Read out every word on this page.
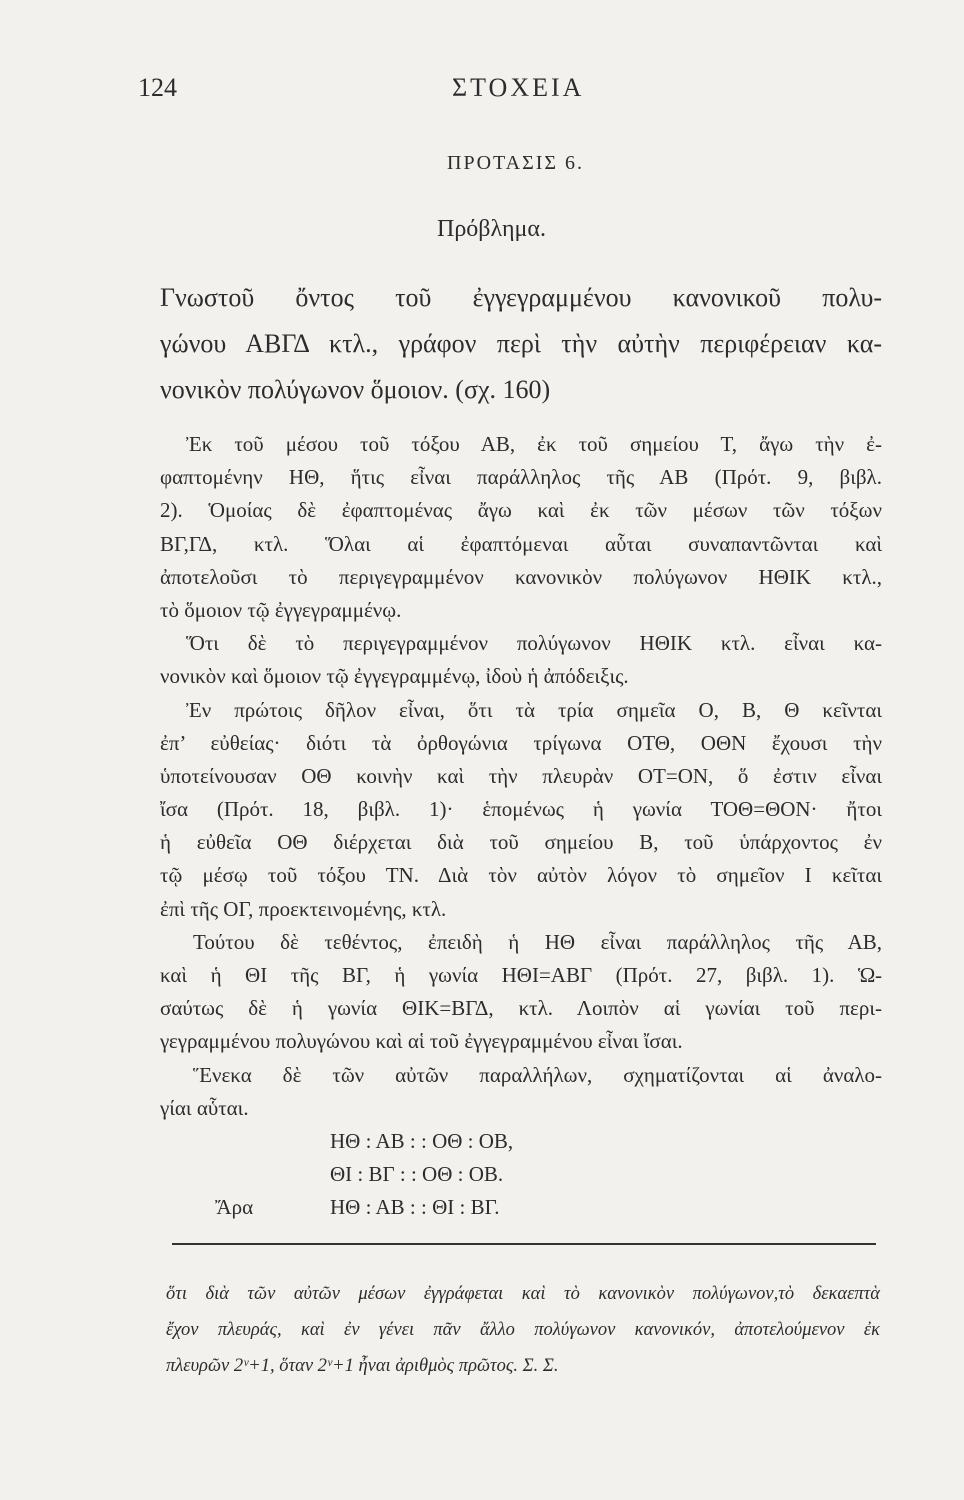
124	ΣΤΟΧΕΙΑ
ΠΡΟΤΑΣΙΣ 6.
Πρόβλημα.
Γνωστοῦ ὄντος τοῦ ἐγγεγραμμένου κανονικοῦ πολυ-
γώνου ΑΒΓΔ κτλ., γράφον περὶ τὴν αὐτὴν περιφέρειαν κα-
νονικὸν πολύγωνον ὅμοιον. (σχ. 160)
Ἐκ τοῦ μέσου τοῦ τόξου ΑΒ, ἐκ τοῦ σημείου Τ, ἄγω τὴν ἐ-
φαπτομένην ΗΘ, ἥτις εἶναι παράλληλος τῆς ΑΒ (Πρότ. 9, βιβλ.
2). Ὁμοίας δὲ ἐφαπτομένας ἄγω καὶ ἐκ τῶν μέσων τῶν τόξων
ΒΓ,ΓΔ, κτλ. Ὅλαι αἱ ἐφαπτόμεναι αὗται συναπαντῶνται καὶ
ἀποτελοῦσι τὸ περιγεγραμμένον κανονικὸν πολύγωνον ΗΘΙΚ κτλ.,
τὸ ὅμοιον τῷ ἐγγεγραμμένῳ.
Ὅτι δὲ τὸ περιγεγραμμένον πολύγωνον ΗΘΙΚ κτλ. εἶναι κα-
νονικὸν καὶ ὅμοιον τῷ ἐγγεγραμμένῳ, ἰδοὺ ἡ ἀπόδειξις.
Ἐν πρώτοις δῆλον εἶναι, ὅτι τὰ τρία σημεῖα Ο, Β, Θ κεῖνται
ἐπ’ εὐθείας· διότι τὰ ὀρθογώνια τρίγωνα ΟΤΘ, ΟΘΝ ἔχουσι τὴν
ὑποτείνουσαν ΟΘ κοινὴν καὶ τὴν πλευρὰν ΟΤ=ΟΝ, ὅ ἐστιν εἶναι
ἴσα (Πρότ. 18, βιβλ. 1)· ἑπομένως ἡ γωνία ΤΟΘ=ΘΟΝ· ἤτοι
ἡ εὐθεῖα ΟΘ διέρχεται διὰ τοῦ σημείου Β, τοῦ ὑπάρχοντος ἐν
τῷ μέσῳ τοῦ τόξου ΤΝ. Διὰ τὸν αὐτὸν λόγον τὸ σημεῖον Ι κεῖται
ἐπὶ τῆς ΟΓ, προεκτεινομένης, κτλ.
Τούτου δὲ τεθέντος, ἐπειδὴ ἡ ΗΘ εἶναι παράλληλος τῆς ΑΒ,
καὶ ἡ ΘΙ τῆς ΒΓ, ἡ γωνία ΗΘΙ=ΑΒΓ (Πρότ. 27, βιβλ. 1). Ὡ-
σαύτως δὲ ἡ γωνία ΘΙΚ=ΒΓΔ, κτλ. Λοιπὸν αἱ γωνίαι τοῦ περι-
γεγραμμένου πολυγώνου καὶ αἱ τοῦ ἐγγεγραμμένου εἶναι ἴσαι.
Ἕνεκα δὲ τῶν αὐτῶν παραλλήλων, σχηματίζονται αἱ ἀναλο-
γίαι αὗται.
ΗΘ : ΑΒ : : ΟΘ : ΟΒ,
ΘΙ : ΒΓ : : ΟΘ : ΟΒ.
Ἄρα	ΗΘ : ΑΒ : : ΘΙ : ΒΓ.
ὅτι διὰ τῶν αὐτῶν μέσων ἐγγράφεται καὶ τὸ κανονικὸν πολύγωνον,τὸ δεκαεπτὰ
ἔχον πλευράς, καὶ ἐν γένει πᾶν ἄλλο πολύγωνον κανονικόν, ἀποτελούμενον ἐκ
πλευρῶν 2ᵛ+1, ὅταν 2ᵛ+1 ἦναι ἀριθμὸς πρῶτος. Σ. Σ.
